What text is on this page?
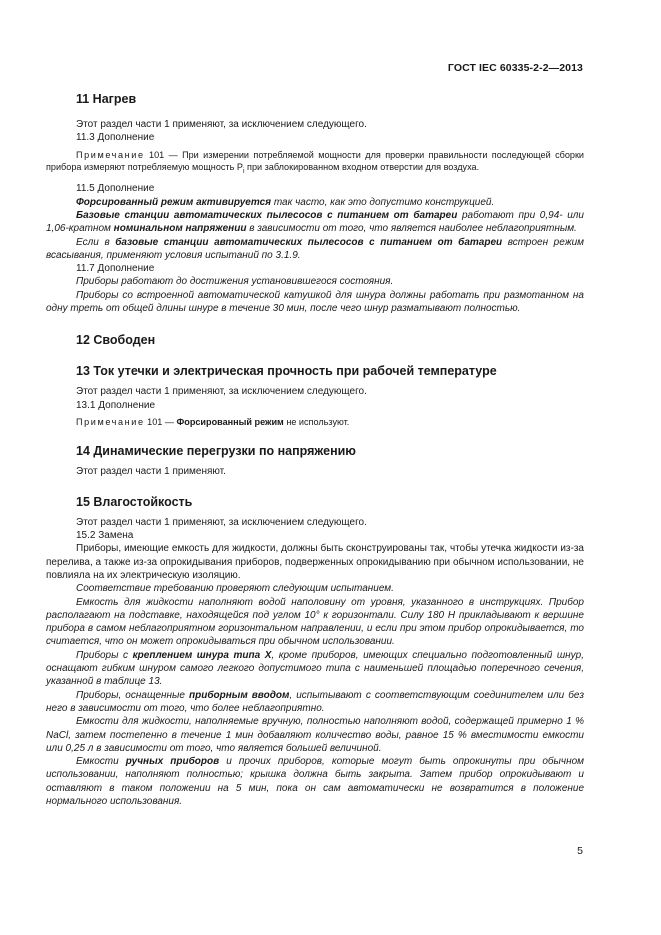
ГОСТ IEC 60335-2-2—2013
11 Нагрев

Этот раздел части 1 применяют, за исключением следующего.

11.3 Дополнение

Примечание 101 — При измерении потребляемой мощности для проверки правильности последующей сборки прибора измеряют потребляемую мощность $P_i$ при заблокированном входном отверстии для воздуха.

11.5 Дополнение

Форсированный режим активируется так часто, как это допустимо конструкцией.

Базовые станции автоматических пылесосов с питанием от батареи работают при 0,94- или 1,06-кратном номинальном напряжении в зависимости от того, что является наиболее неблагоприятным.

Если в базовые станции автоматических пылесосов с питанием от батареи встроен режим всасывания, применяют условия испытаний по 3.1.9.

11.7 Дополнение

Приборы работают до достижения установившегося состояния.

Приборы со встроенной автоматической катушкой для шнура должны работать при размотанном на одну треть от общей длины шнуре в течение 30 мин, после чего шнур разматывают полностью.

12 Свободен
13 Ток утечки и электрическая прочность при рабочей температуре

Этот раздел части 1 применяют, за исключением следующего.

13.1 Дополнение

Примечание 101 — Форсированный режим не используют.

14 Динамические перегрузки по напряжению

Этот раздел части 1 применяют.

15 Влагостойкость

Этот раздел части 1 применяют, за исключением следующего.

15.2 Замена

Приборы, имеющие емкость для жидкости, должны быть сконструированы так, чтобы утечка жидкости из-за перелива, а также из-за опрокидывания приборов, подверженных опрокидыванию при обычном использовании, не повлияла на их электрическую изоляцию.

Соответствие требованию проверяют следующим испытанием.

Емкость для жидкости наполняют водой наполовину от уровня, указанного в инструкциях. Прибор располагают на подставке, находящейся под углом 10° к горизонтали. Силу 180 Н прикладывают к вершине прибора в самом неблагоприятном горизонтальном направлении, и если при этом прибор опрокидывается, то считается, что он может опрокидываться при обычном использовании.

Приборы с креплением шнура типа X, кроме приборов, имеющих специально подготовленный шнур, оснащают гибким шнуром самого легкого допустимого типа с наименьшей площадью поперечного сечения, указанной в таблице 13.

Приборы, оснащенные приборным вводом, испытывают с соответствующим соединителем или без него в зависимости от того, что более неблагоприятно.

Емкости для жидкости, наполняемые вручную, полностью наполняют водой, содержащей примерно 1 % NaCl, затем постепенно в течение 1 мин добавляют количество воды, равное 15 % вместимости емкости или 0,25 л в зависимости от того, что является большей величиной.

Емкости ручных приборов и прочих приборов, которые могут быть опрокинуты при обычном использовании, наполняют полностью; крышка должна быть закрыта. Затем прибор опрокидывают и оставляют в таком положении на 5 мин, пока он сам автоматически не возвратится в положение нормального использования.

5
